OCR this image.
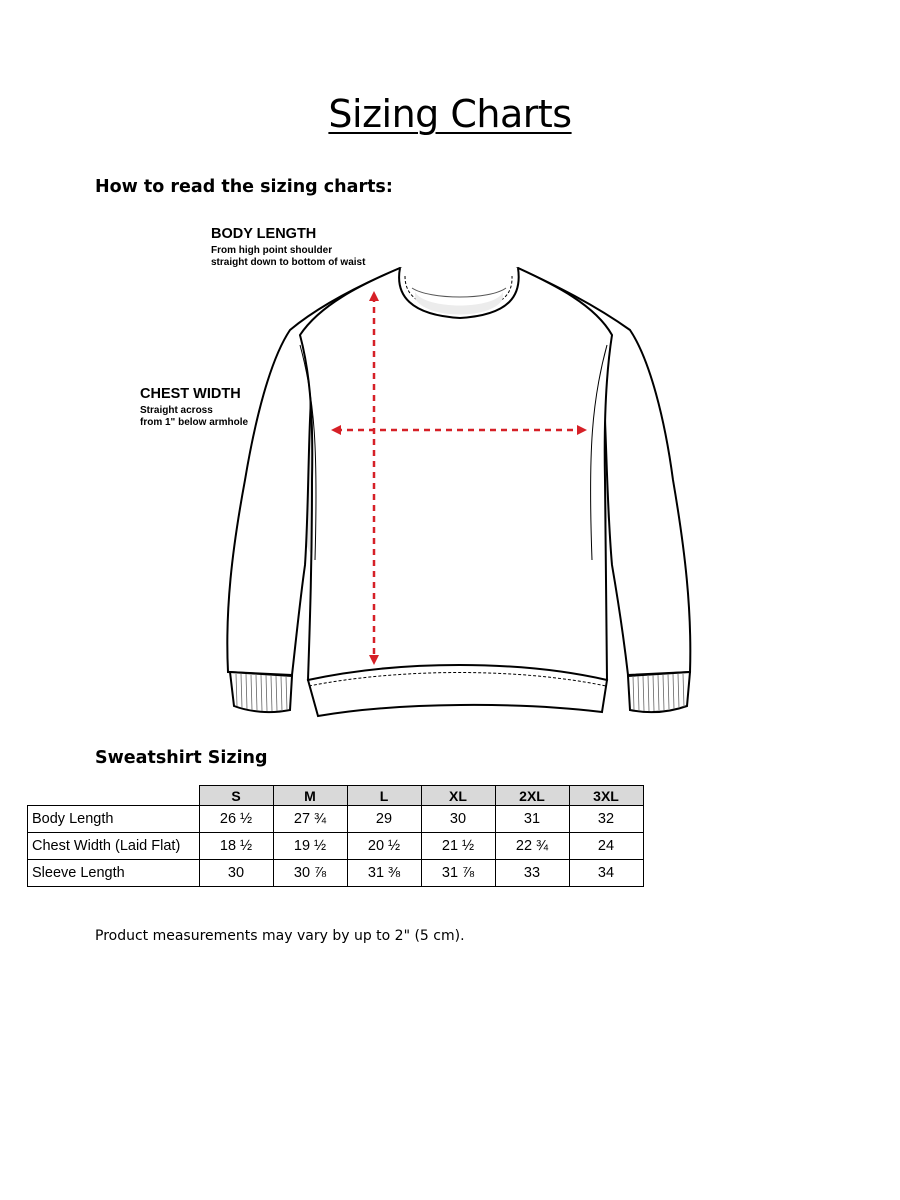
Sizing Charts
How to read the sizing charts:
BODY LENGTH
From high point shoulder
straight down to bottom of waist
CHEST WIDTH
Straight across
from 1" below armhole
Sweatshirt Sizing
	S	M	L	XL	2XL	3XL
Body Length	26 ½	27 ¾	29	30	31	32
Chest Width (Laid Flat)	18 ½	19 ½	20 ½	21 ½	22 ¾	24
Sleeve Length	30	30 ⅞	31 ⅜	31 ⅞	33	34
Product measurements may vary by up to 2" (5 cm).
